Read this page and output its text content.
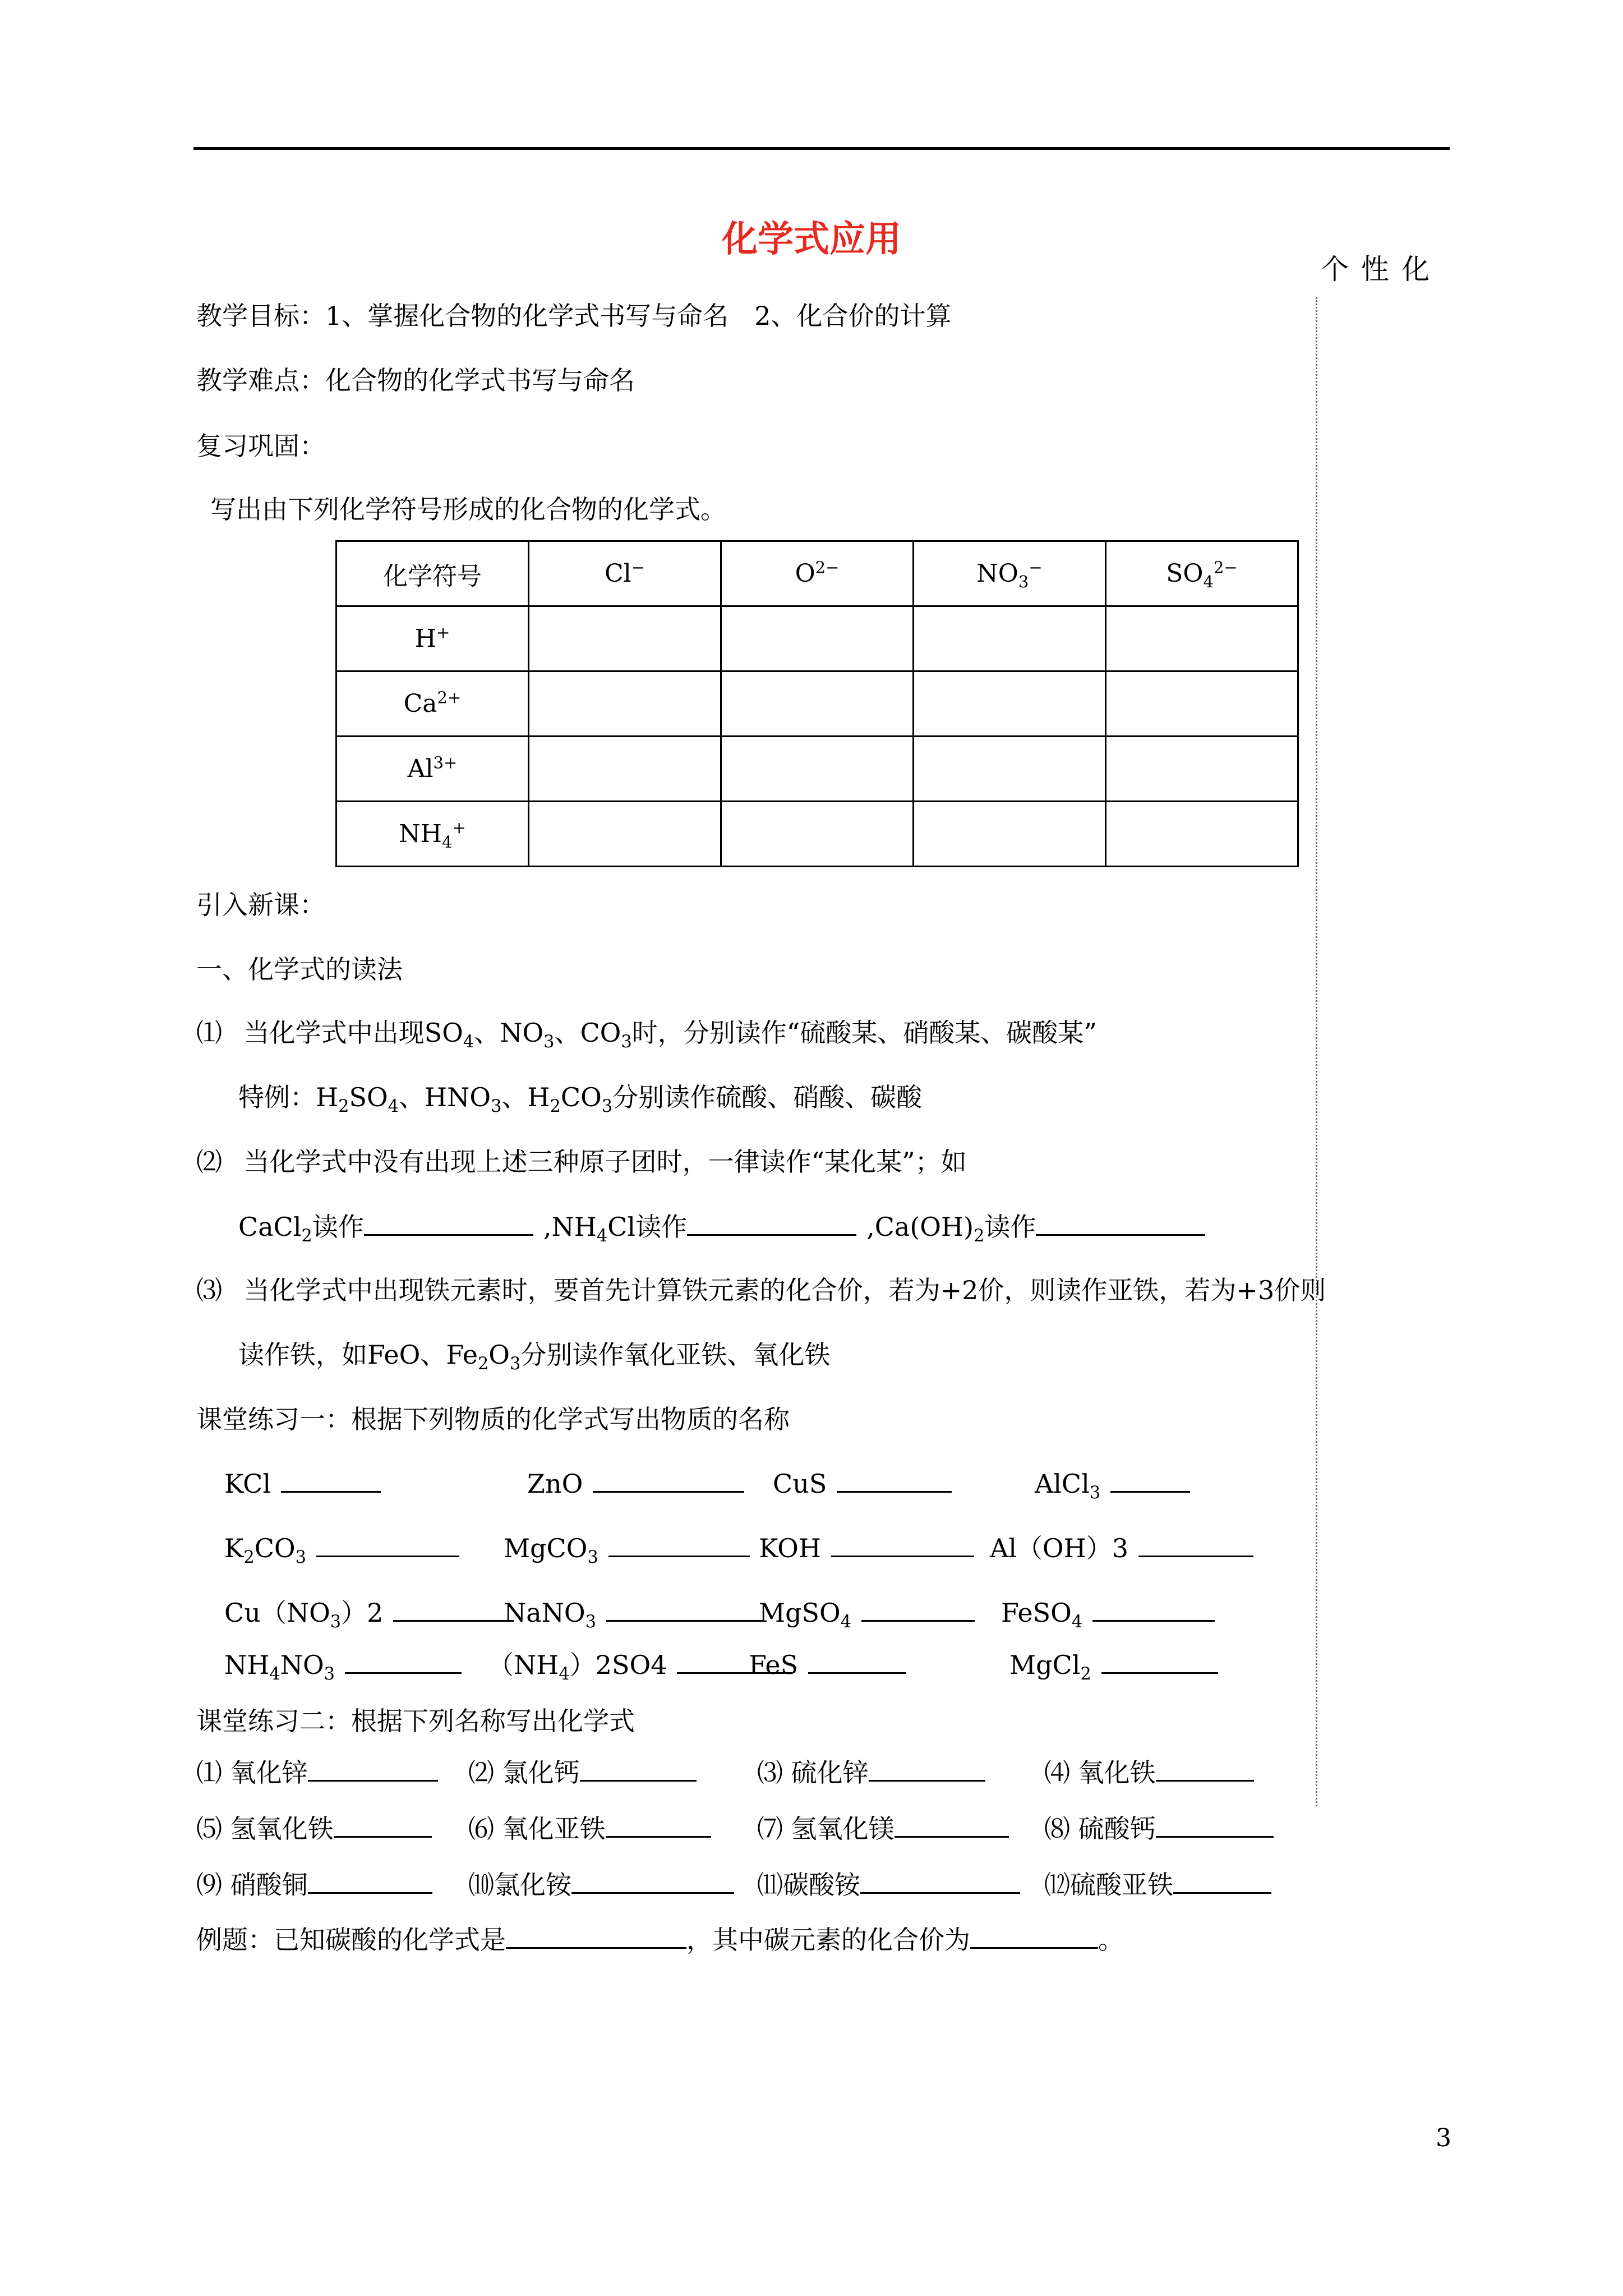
化学式应用
个性化
教学目标：1、掌握化合物的化学式书写与命名　2、化合价的计算
教学难点：化合物的化学式书写与命名
复习巩固：
写出由下列化学符号形成的化合物的化学式。
化学符号	Cl−	$O^{2-}$	$NO_3^-$	$SO_4^{2-}$
H+				
$Ca^{2+}$				
$Al^{3+}$				
$NH_4^+$				
引入新课：
一、化学式的读法
⑴ 当化学式中出现$SO_4$、$NO_3$、$CO_3$时，分别读作“硫酸某、硝酸某、碳酸某”
特例：$H_2SO_4$、$HNO_3$、$H_2CO_3$分别读作硫酸、硝酸、碳酸
⑵ 当化学式中没有出现上述三种原子团时，一律读作“某化某”；如
CaCl$_2$读作	$,NH_4Cl$读作	$,Ca(OH)_2$读作
⑶ 当化学式中出现铁元素时，要首先计算铁元素的化合价，若为+2价，则读作亚铁，若为+3价则
读作铁，如FeO、$Fe_2O_3$分别读作氧化亚铁、氧化铁
课堂练习一：根据下列物质的化学式写出物质的名称
KCl	ZnO	CuS	AlCl$_3$
$K_2CO_3$	MgCO$_3$	KOH	Al（OH）3
$Cu(NO_3)2$	NaNO$_3$	MgSO$_4$	FeSO$_4$
$NH_4NO_3$	$(NH_4)2SO4$	FeS	MgCl$_2$
课堂练习二：根据下列名称写出化学式
⑴ 氧化锌	⑵ 氯化钙	⑶ 硫化锌	⑷ 氧化铁
⑸ 氢氧化铁	⑹ 氧化亚铁	⑺ 氢氧化镁	⑻ 硫酸钙
⑼ 硝酸铜	⑽氯化铵	⑾碳酸铵	⑿硫酸亚铁
例题：已知碳酸的化学式是	，其中碳元素的化合价为	。
3
